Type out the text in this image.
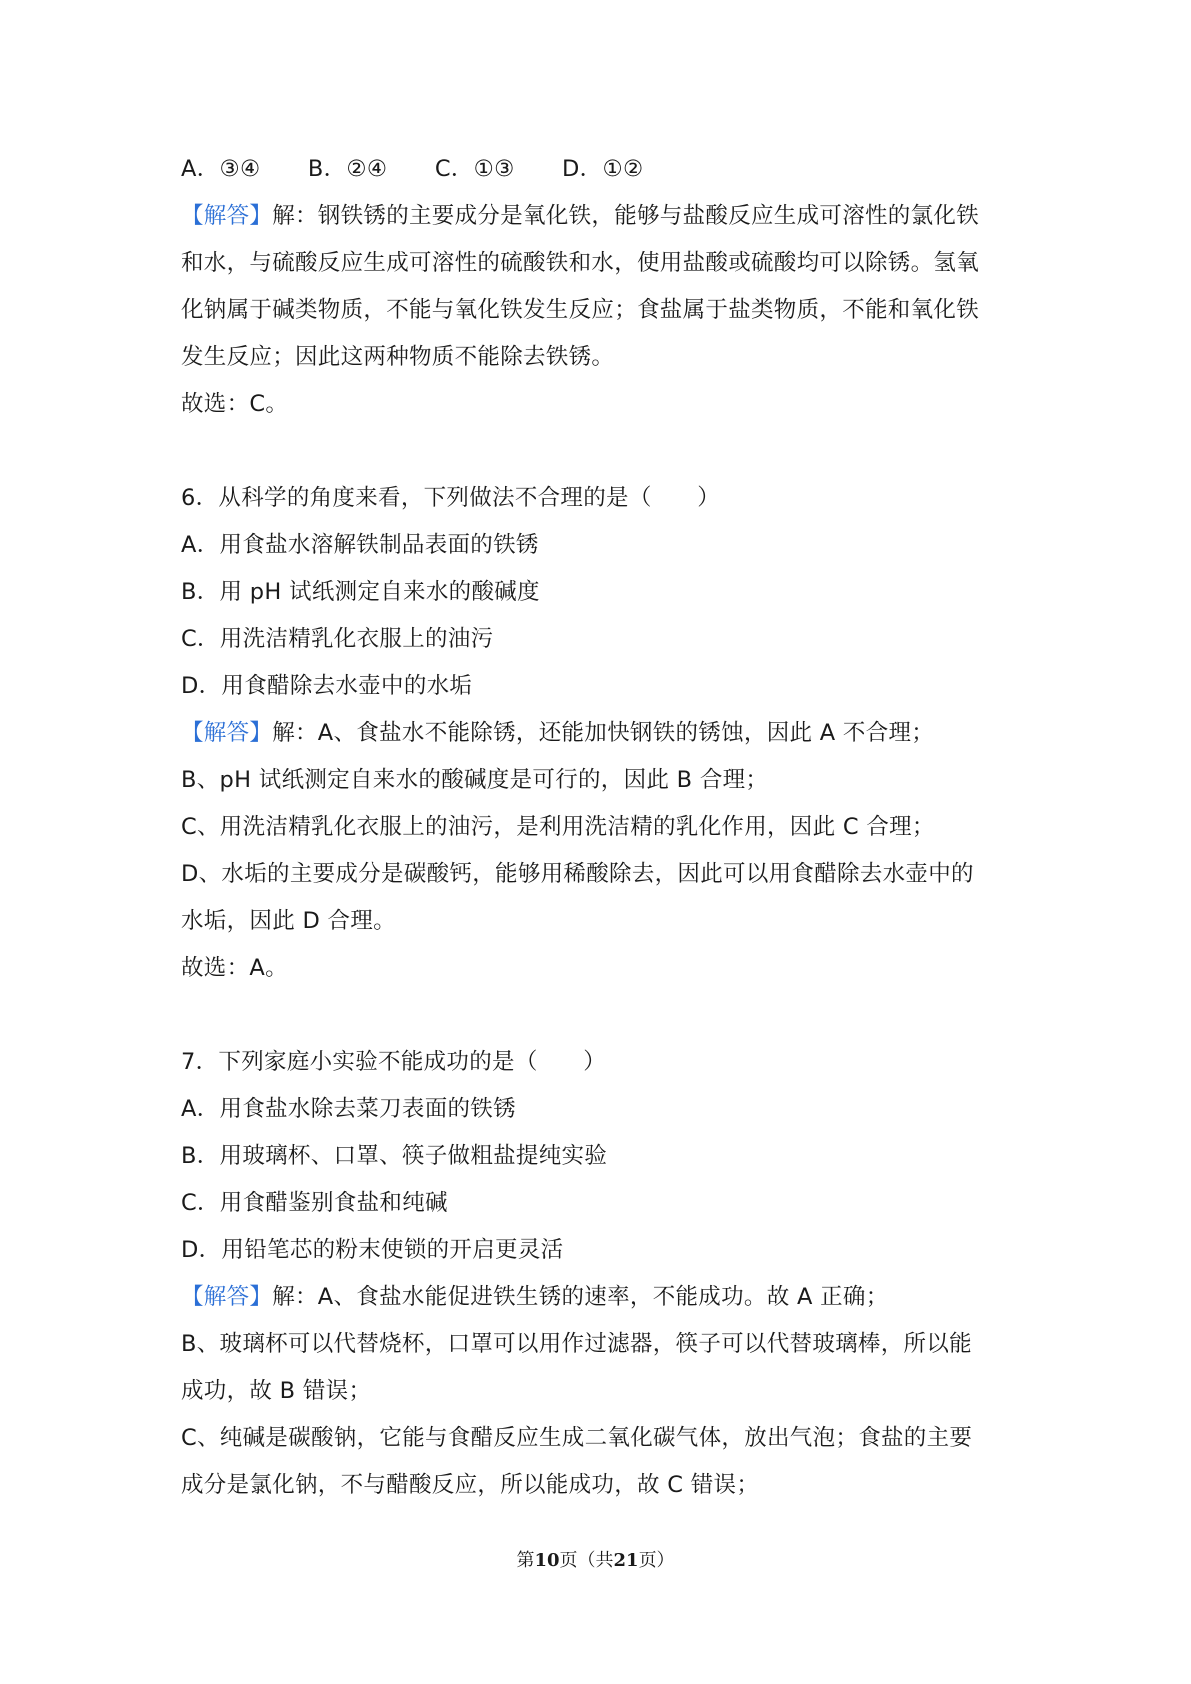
A．③④ B．②④ C．①③ D．①②
【解答】解：钢铁锈的主要成分是氧化铁，能够与盐酸反应生成可溶性的氯化铁
和水，与硫酸反应生成可溶性的硫酸铁和水，使用盐酸或硫酸均可以除锈。氢氧
化钠属于碱类物质，不能与氧化铁发生反应；食盐属于盐类物质，不能和氧化铁
发生反应；因此这两种物质不能除去铁锈。
故选：C。
6．从科学的角度来看，下列做法不合理的是（　　）
A．用食盐水溶解铁制品表面的铁锈
B．用 pH 试纸测定自来水的酸碱度
C．用洗洁精乳化衣服上的油污
D．用食醋除去水壶中的水垢
【解答】解：A、食盐水不能除锈，还能加快钢铁的锈蚀，因此 A 不合理；
B、pH 试纸测定自来水的酸碱度是可行的，因此 B 合理；
C、用洗洁精乳化衣服上的油污，是利用洗洁精的乳化作用，因此 C 合理；
D、水垢的主要成分是碳酸钙，能够用稀酸除去，因此可以用食醋除去水壶中的
水垢，因此 D 合理。
故选：A。
7．下列家庭小实验不能成功的是（　　）
A．用食盐水除去菜刀表面的铁锈
B．用玻璃杯、口罩、筷子做粗盐提纯实验
C．用食醋鉴别食盐和纯碱
D．用铅笔芯的粉末使锁的开启更灵活
【解答】解：A、食盐水能促进铁生锈的速率，不能成功。故 A 正确；
B、玻璃杯可以代替烧杯，口罩可以用作过滤器，筷子可以代替玻璃棒，所以能
成功，故 B 错误；
C、纯碱是碳酸钠，它能与食醋反应生成二氧化碳气体，放出气泡；食盐的主要
成分是氯化钠，不与醋酸反应，所以能成功，故 C 错误；
第10页（共21页）
